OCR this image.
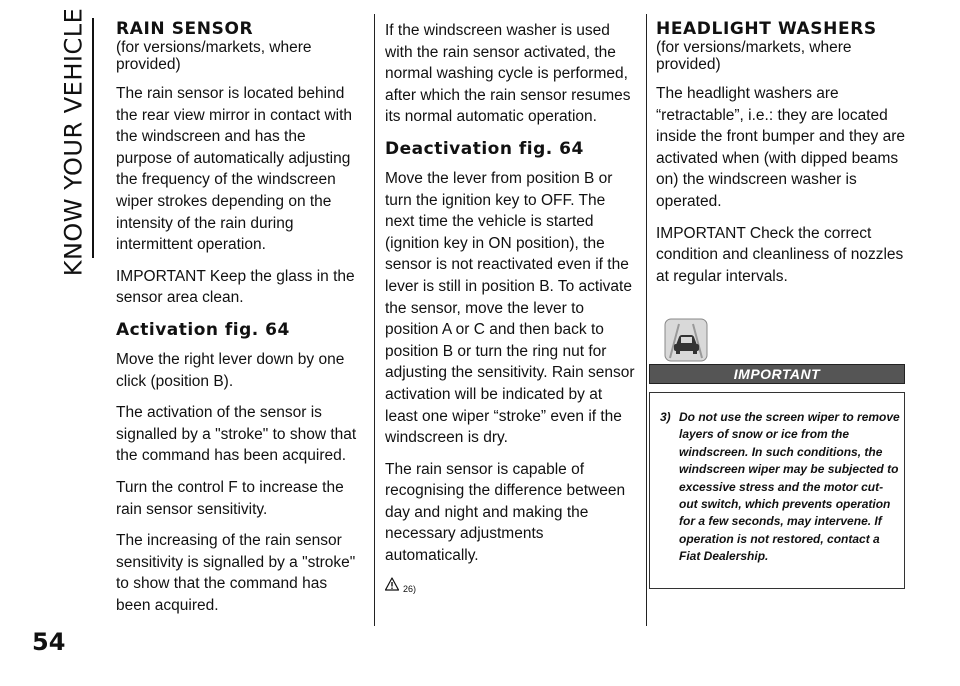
KNOW YOUR VEHICLE
54
RAIN SENSOR

(for versions/markets, where provided)

The rain sensor is located behind the rear view mirror in contact with the windscreen and has the purpose of automatically adjusting the frequency of the windscreen wiper strokes depending on the intensity of the rain during intermittent operation.

IMPORTANT Keep the glass in the sensor area clean.

Activation fig. 64

Move the right lever down by one click (position B).

The activation of the sensor is signalled by a "stroke" to show that the command has been acquired.

Turn the control F to increase the rain sensor sensitivity.

The increasing of the rain sensor sensitivity is signalled by a "stroke" to show that the command has been acquired.

If the windscreen washer is used with the rain sensor activated, the normal washing cycle is performed, after which the rain sensor resumes its normal automatic operation.

Deactivation fig. 64

Move the lever from position B or turn the ignition key to OFF. The next time the vehicle is started (ignition key in ON position), the sensor is not reactivated even if the lever is still in position B. To activate the sensor, move the lever to position A or C and then back to position B or turn the ring nut for adjusting the sensitivity. Rain sensor activation will be indicated by at least one wiper “stroke” even if the windscreen is dry.

The rain sensor is capable of recognising the difference between day and night and making the necessary adjustments automatically.

26)
HEADLIGHT WASHERS

(for versions/markets, where provided)

The headlight washers are “retractable”, i.e.: they are located inside the front bumper and they are activated when (with dipped beams on) the windscreen washer is operated.

IMPORTANT Check the correct condition and cleanliness of nozzles at regular intervals.

IMPORTANT
3) Do not use the screen wiper to remove layers of snow or ice from the windscreen. In such conditions, the windscreen wiper may be subjected to excessive stress and the motor cut-out switch, which prevents operation for a few seconds, may intervene. If operation is not restored, contact a Fiat Dealership.
